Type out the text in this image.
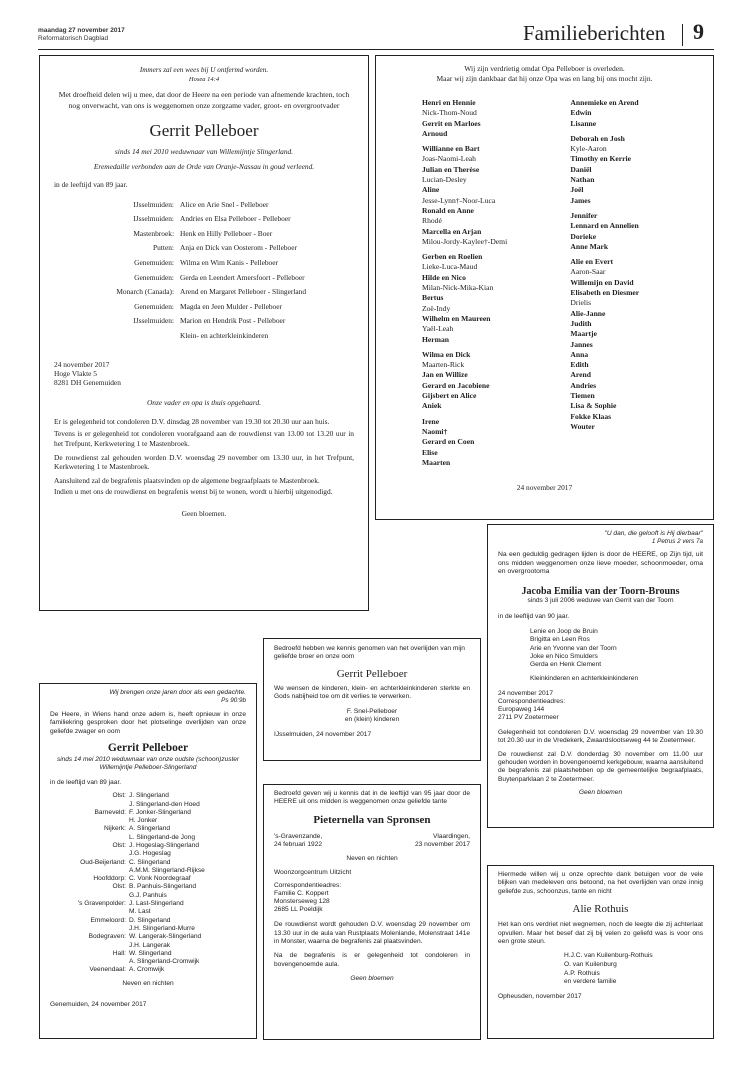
maandag 27 november 2017
Reformatorisch Dagblad	Familieberichten 9
Immers zal een wees bij U ontfermd worden.
Hosea 14:4

Met droefheid delen wij u mee, dat door de Heere na een periode van afnemende krachten, toch nog onverwacht, van ons is weggenomen onze zorgzame vader, groot- en overgrootvader

Gerrit Pelleboer
sinds 14 mei 2010 weduwnaar van Willemijntje Slingerland.
Eremedaille verbonden aan de Orde van Oranje-Nassau in goud verleend.
in de leeftijd van 89 jaar.
IJsselmuiden: Alice en Arie Snel - Pelleboer
IJsselmuiden: Andries en Elsa Pelleboer - Pelleboer
Mastenbroek: Henk en Hilly Pelleboer - Boer
Putten: Anja en Dick van Oosterom - Pelleboer
Genemuiden: Wilma en Wim Kanis - Pelleboer
Genemuiden: Gerda en Leendert Amersfoort - Pelleboer
Monarch (Canada): Arend en Margaret Pelleboer - Slingerland
Genemuiden: Magda en Jeen Mulder - Pelleboer
IJsselmuiden: Marion en Hendrik Post - Pelleboer
Klein- en achterkleinkinderen
24 november 2017
Hoge Vlakte 5
8281 DH Genemuiden
Onze vader en opa is thuis opgebaard.

Er is gelegenheid tot condoleren D.V. dinsdag 28 november van 19.30 tot 20.30 uur aan huis.

Tevens is er gelegenheid tot condoleren voorafgaand aan de rouwdienst van 13.00 tot 13.20 uur in het Trefpunt, Kerkwetering 1 te Mastenbroek.

De rouwdienst zal gehouden worden D.V. woensdag 29 november om 13.30 uur, in het Trefpunt, Kerkwetering 1 te Mastenbroek.

Aansluitend zal de begrafenis plaatsvinden op de algemene begraafplaats te Mastenbroek.

Indien u met ons de rouwdienst en begrafenis wenst bij te wonen, wordt u hierbij uitgenodigd.

Geen bloemen.
Wij zijn verdrietig omdat Opa Pelleboer is overleden.
Maar wij zijn dankbaar dat hij onze Opa was en lang bij ons mocht zijn.
Henri en Hennie
Nick-Thom-Noud
Gerrit en Marloes
Arnoud
Willianne en Bart
Joas-Naomi-Leah
Julian en Therèse
Lucian-Desley
Aline
Jesse-Lynn†-Noor-Luca
Ronald en Anne
Rhodé
Marcella en Arjan
Milou-Jordy-Kaylee†-Demi
Gerben en Roelien
Lieke-Luca-Maud
Hilde en Nico
Milan-Nick-Mika-Kian
Bertus
Zoë-Indy
Wilhelm en Maureen
Yaël-Leah
Herman
Wilma en Dick
Maarten-Rick
Jan en Willize
Gerard en Jacobiene
Gijsbert en Alice
Aniek
Irene
Naomi†
Gerard en Coen
Elise
Maarten
Annemieke en Arend
Edwin
Lisanne
Deborah en Josh
Kyle-Aaron
Timothy en Kerrie
Daniël
Nathan
Joël
James
Jennifer
Lennard en Annelien
Dorieke
Anne Mark
Alie en Evert
Aaron-Saar
Willemijn en David
Elisabeth en Diesmer
Drielis
Alie-Janne
Judith
Maartje
Jannes
Anna
Edith
Arend
Andries
Tiemen
Lisa & Sophie
Fokke Klaas
Wouter
24 november 2017
"U dan, die gelooft is Hij dierbaar"
1 Petrus 2 vers 7a

Na een geduldig gedragen lijden is door de HEERE, op Zijn tijd, uit ons midden weggenomen onze lieve moeder, schoonmoeder, oma en overgrootoma

Jacoba Emilia van der Toorn-Brouns
sinds 3 juli 2006 weduwe van Gerrit van der Toorn
in de leeftijd van 90 jaar.
Lenie en Joop de Bruin
Brigitta en Leen Ros
Arie en Yvonne van der Toorn
Joke en Nico Smulders
Gerda en Henk Clement
Kleinkinderen en achterkleinkinderen
24 november 2017
Correspondentieadres:
Europaweg 144
2711 PV Zoetermeer

Gelegenheid tot condoleren D.V. woensdag 29 november van 19.30 tot 20.30 uur in de Vredekerk, Zwaardslootseweg 44 te Zoetermeer.

De rouwdienst zal D.V. donderdag 30 november om 11.00 uur gehouden worden in bovengenoemd kerkgebouw, waarna aansluitend de begrafenis zal plaatshebben op de gemeentelijke begraafplaats, Buytenparklaan 2 te Zoetermeer.

Geen bloemen

Bedroefd hebben we kennis genomen van het overlijden van mijn geliefde broer en onze oom

Gerrit Pelleboer

We wensen de kinderen, klein- en achterkleinkinderen sterkte en Gods nabijheid toe om dit verlies te verwerken.

F. Snel-Pelleboer
en (klein) kinderen
IJsselmuiden, 24 november 2017
Wij brengen onze jaren door als een gedachte.
Ps 90:9b

De Heere, in Wiens hand onze adem is, heeft opnieuw in onze familiekring gesproken door het plotselinge overlijden van onze geliefde zwager en oom

Gerrit Pelleboer
sinds 14 mei 2010 weduwnaar van onze oudste (schoon)zuster Willemijntje Pelleboer-Slingerland
in de leeftijd van 89 jaar.
Olst: J. Slingerland
J. Slingerland-den Hoed
Barneveld: F. Jonker-Slingerland
H. Jonker
Nijkerk: A. Slingerland
L. Slingerland-de Jong
Olst: J. Hogeslag-Slingerland
J.G. Hogeslag
Oud-Beijerland: C. Slingerland
A.M.M. Slingerland-Rijkse
Hoofddorp: C. Vonk Noordegraaf
Olst: B. Panhuis-Slingerland
G.J. Panhuis
's Gravenpolder: J. Last-Slingerland
M. Last
Emmeloord: D. Slingerland
J.H. Slingerland-Murre
Bodegraven: W. Langerak-Slingerland
J.H. Langerak
Hall: W. Slingerland
A. Slingerland-Cromwijk
Veenendaal: A. Cromwijk
Neven en nichten
Genemuiden, 24 november 2017

Bedroefd geven wij u kennis dat in de leeftijd van 95 jaar door de HEERE uit ons midden is weggenomen onze geliefde tante

Pieternella van Spronsen
's-Gravenzande,	Vlaardingen,
24 februari 1922	23 november 2017
Neven en nichten
Woonzorgcentrum Uitzicht
Correspondentieadres:
Familie C. Koppert
Monsterseweg 128
2685 LL Poeldijk

De rouwdienst wordt gehouden D.V. woensdag 29 november om 13.30 uur in de aula van Rustplaats Molenlande, Molenstraat 141e in Monster, waarna de begrafenis zal plaatsvinden.

Na de begrafenis is er gelegenheid tot condoleren in bovengenoemde aula.

Geen bloemen

Hiermede willen wij u onze oprechte dank betuigen voor de vele blijken van medeleven ons betoond, na het overlijden van onze innig geliefde zus, schoonzus, tante en nicht

Alie Rothuis

Het kan ons verdriet niet wegnemen, noch de leegte die zij achterlaat opvullen. Maar het besef dat zij bij velen zo geliefd was is voor ons een grote steun.

H.J.C. van Kuilenburg-Rothuis
O. van Kuilenburg
A.P. Rothuis
en verdere familie
Opheusden, november 2017
